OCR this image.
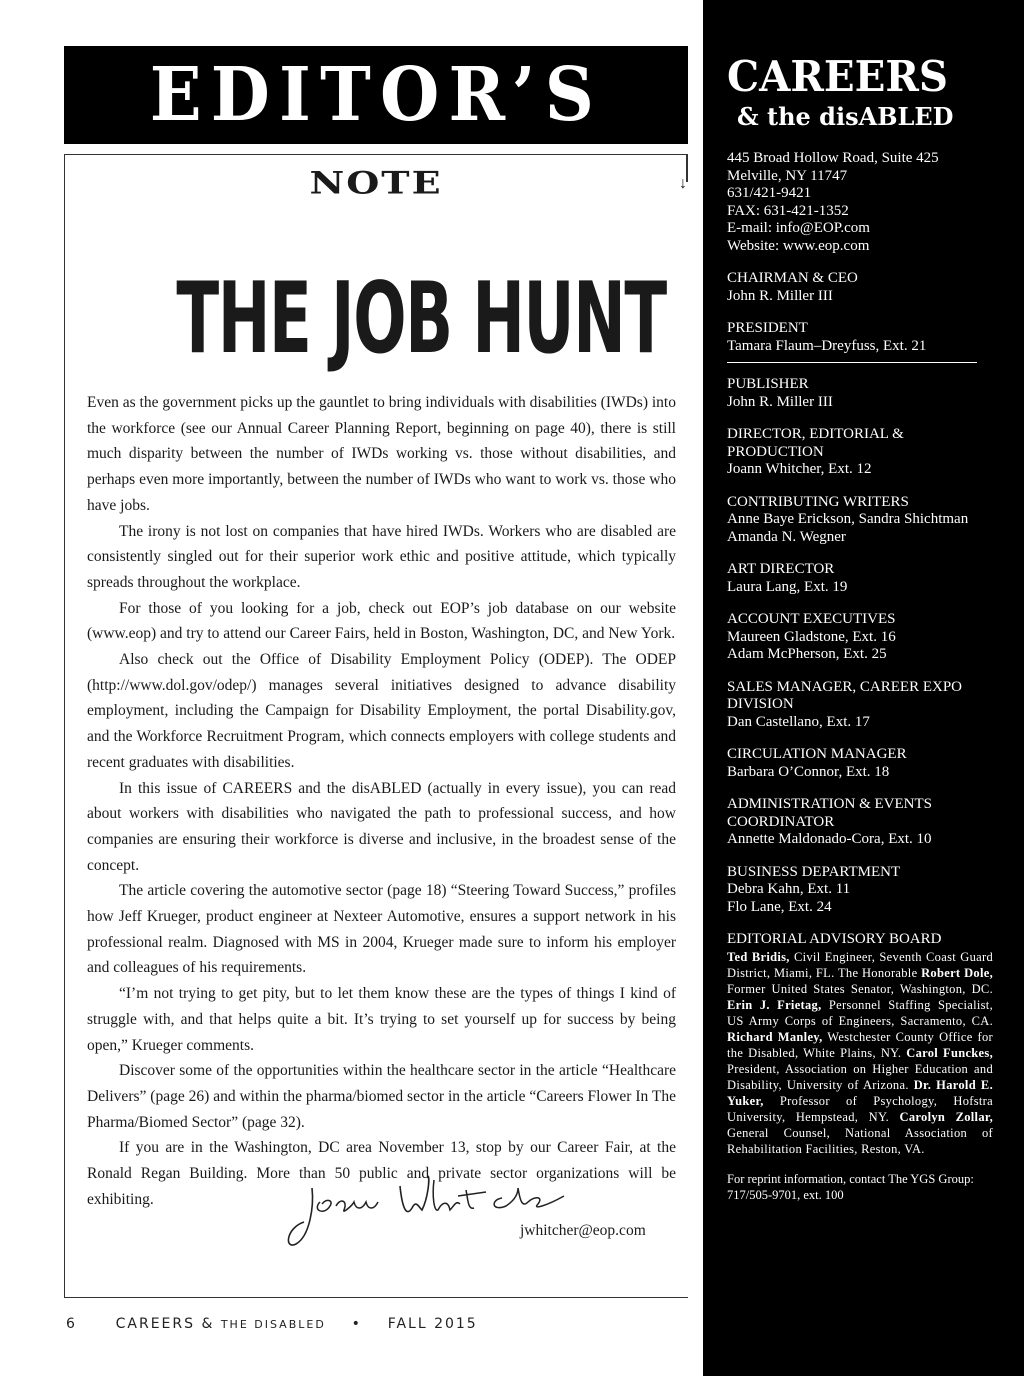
EDITOR’S
↓
NOTE
THE JOB HUNT

Even as the government picks up the gauntlet to bring individuals with disabilities (IWDs) into the workforce (see our Annual Career Planning Report, beginning on page 40), there is still much disparity between the number of IWDs working vs. those without disabilities, and perhaps even more importantly, between the number of IWDs who want to work vs. those who have jobs.

The irony is not lost on companies that have hired IWDs. Workers who are disabled are consistently singled out for their superior work ethic and positive attitude, which typically spreads throughout the workplace.

For those of you looking for a job, check out EOP’s job database on our website (www.eop) and try to attend our Career Fairs, held in Boston, Washington, DC, and New York.

Also check out the Office of Disability Employment Policy (ODEP). The ODEP (http://www.dol.gov/odep/) manages several initiatives designed to advance disability employment, including the Campaign for Disability Employment, the portal Disability.gov, and the Workforce Recruitment Program, which connects employers with college students and recent graduates with disabilities.

In this issue of CAREERS and the disABLED (actually in every issue), you can read about workers with disabilities who navigated the path to professional success, and how companies are ensuring their workforce is diverse and inclusive, in the broadest sense of the concept.

The article covering the automotive sector (page 18) “Steering Toward Success,” profiles how Jeff Krueger, product engineer at Nexteer Automotive, ensures a support network in his professional realm. Diagnosed with MS in 2004, Krueger made sure to inform his employer and colleagues of his requirements.

“I’m not trying to get pity, but to let them know these are the types of things I kind of struggle with, and that helps quite a bit. It’s trying to set yourself up for success by being open,” Krueger comments.

Discover some of the opportunities within the healthcare sector in the article “Healthcare Delivers” (page 26) and within the pharma/biomed sector in the article “Careers Flower In The Pharma/Biomed Sector” (page 32).

If you are in the Washington, DC area November 13, stop by our Career Fair, at the Ronald Regan Building. More than 50 public and private sector organizations will be exhibiting.

jwhitcher@eop.com
6	CAREERS & THE DISABLED • FALL 2015
CAREERS
& the disABLED
445 Broad Hollow Road, Suite 425
Melville, NY 11747
631/421-9421
FAX: 631-421-1352
E-mail: info@EOP.com
Website: www.eop.com
CHAIRMAN & CEO
John R. Miller III
PRESIDENT
Tamara Flaum–Dreyfuss, Ext. 21
PUBLISHER
John R. Miller III
DIRECTOR, EDITORIAL & PRODUCTION
Joann Whitcher, Ext. 12
CONTRIBUTING WRITERS
Anne Baye Erickson, Sandra Shichtman
Amanda N. Wegner
ART DIRECTOR
Laura Lang, Ext. 19
ACCOUNT EXECUTIVES
Maureen Gladstone, Ext. 16
Adam McPherson, Ext. 25
SALES MANAGER, CAREER EXPO DIVISION
Dan Castellano, Ext. 17
CIRCULATION MANAGER
Barbara O’Connor, Ext. 18
ADMINISTRATION & EVENTS COORDINATOR
Annette Maldonado-Cora, Ext. 10
BUSINESS DEPARTMENT
Debra Kahn, Ext. 11
Flo Lane, Ext. 24
EDITORIAL ADVISORY BOARD
Ted Bridis, Civil Engineer, Seventh Coast Guard District, Miami, FL. The Honorable Robert Dole, Former United States Senator, Washington, DC. Erin J. Frietag, Personnel Staffing Specialist, US Army Corps of Engineers, Sacramento, CA. Richard Manley, Westchester County Office for the Disabled, White Plains, NY. Carol Funckes, President, Association on Higher Education and Disability, University of Arizona. Dr. Harold E. Yuker, Professor of Psychology, Hofstra University, Hempstead, NY. Carolyn Zollar, General Counsel, National Association of Rehabilitation Facilities, Reston, VA.
For reprint information, contact The YGS Group: 717/505-9701, ext. 100
